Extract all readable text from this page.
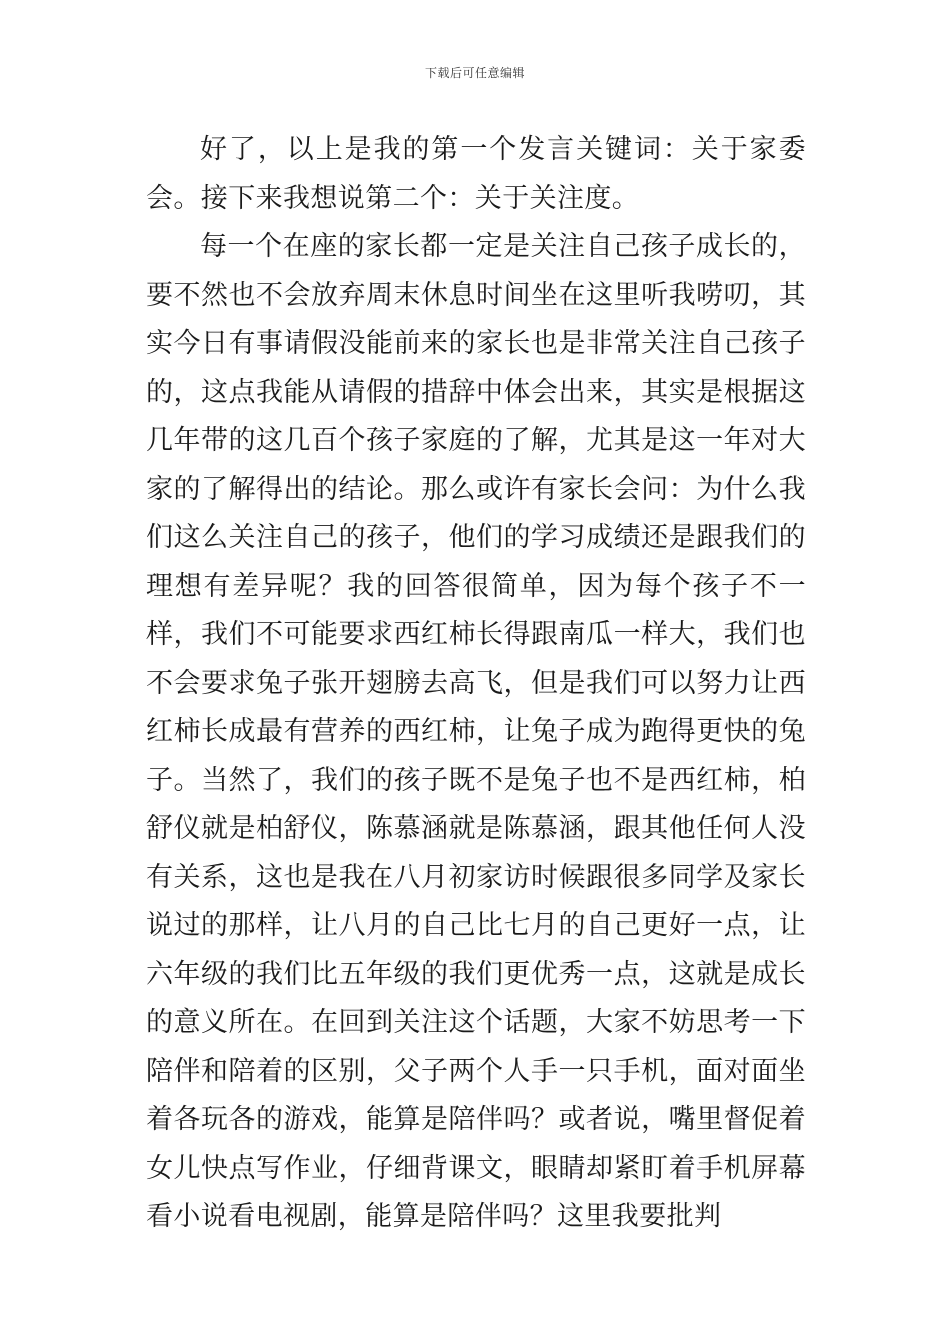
下载后可任意编辑

好了，以上是我的第一个发言关键词：关于家委会。接下来我想说第二个：关于关注度。

每一个在座的家长都一定是关注自己孩子成长的，要不然也不会放弃周末休息时间坐在这里听我唠叨，其实今日有事请假没能前来的家长也是非常关注自己孩子的，这点我能从请假的措辞中体会出来，其实是根据这几年带的这几百个孩子家庭的了解，尤其是这一年对大家的了解得出的结论。那么或许有家长会问：为什么我们这么关注自己的孩子，他们的学习成绩还是跟我们的理想有差异呢？我的回答很简单，因为每个孩子不一样，我们不可能要求西红柿长得跟南瓜一样大，我们也不会要求兔子张开翅膀去高飞，但是我们可以努力让西红柿长成最有营养的西红柿，让兔子成为跑得更快的兔子。当然了，我们的孩子既不是兔子也不是西红柿，柏舒仪就是柏舒仪，陈慕涵就是陈慕涵，跟其他任何人没有关系，这也是我在八月初家访时候跟很多同学及家长说过的那样，让八月的自己比七月的自己更好一点，让六年级的我们比五年级的我们更优秀一点，这就是成长的意义所在。在回到关注这个话题，大家不妨思考一下陪伴和陪着的区别，父子两个人手一只手机，面对面坐着各玩各的游戏，能算是陪伴吗？或者说，嘴里督促着女儿快点写作业，仔细背课文，眼睛却紧盯着手机屏幕看小说看电视剧，能算是陪伴吗？这里我要批判
